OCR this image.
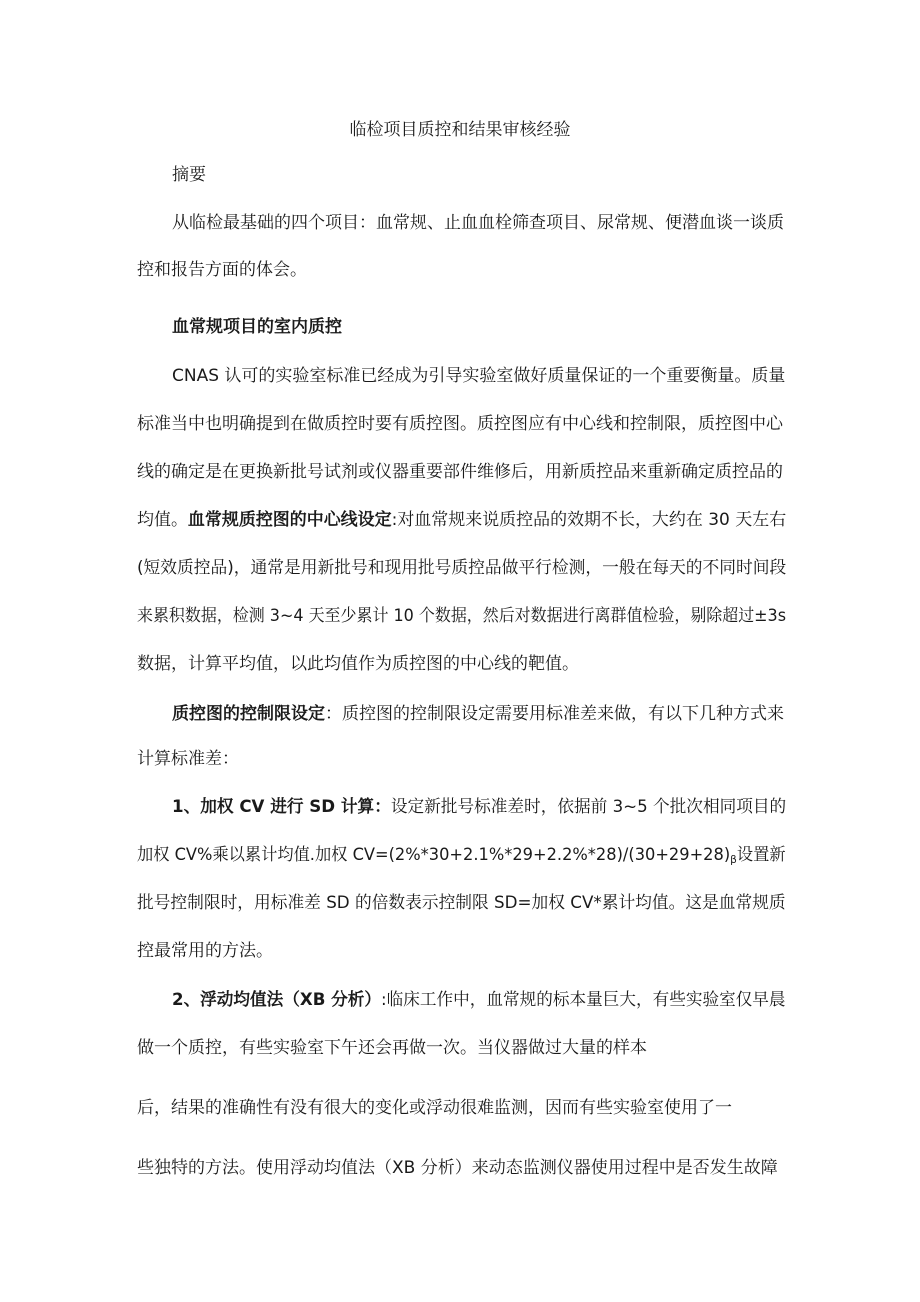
临检项目质控和结果审核经验
摘要
从临检最基础的四个项目：血常规、止血血栓筛查项目、尿常规、便潜血谈一谈质
控和报告方面的体会。
血常规项目的室内质控
CNAS 认可的实验室标准已经成为引导实验室做好质量保证的一个重要衡量。质量
标准当中也明确提到在做质控时要有质控图。质控图应有中心线和控制限，质控图中心
线的确定是在更换新批号试剂或仪器重要部件维修后，用新质控品来重新确定质控品的
均值。血常规质控图的中心线设定:对血常规来说质控品的效期不长，大约在 30 天左右
(短效质控品)，通常是用新批号和现用批号质控品做平行检测，一般在每天的不同时间段
来累积数据，检测 3~4 天至少累计 10 个数据，然后对数据进行离群值检验，剔除超过±3s
数据，计算平均值，以此均值作为质控图的中心线的靶值。
质控图的控制限设定：质控图的控制限设定需要用标准差来做，有以下几种方式来
计算标准差：
1、加权 CV 进行 SD 计算：设定新批号标准差时，依据前 3~5 个批次相同项目的
加权 CV%乘以累计均值.加权 $CV=(2\%*30+2.1\%*29+2.2\%*28)/(30+29+28)_\beta$设置新
批号控制限时，用标准差 SD 的倍数表示控制限 SD=加权 CV*累计均值。这是血常规质
控最常用的方法。
2、浮动均值法（XB 分析）:临床工作中，血常规的标本量巨大，有些实验室仅早晨
做一个质控，有些实验室下午还会再做一次。当仪器做过大量的样本
后，结果的准确性有没有很大的变化或浮动很难监测，因而有些实验室使用了一
些独特的方法。使用浮动均值法（XB 分析）来动态监测仪器使用过程中是否发生故障
